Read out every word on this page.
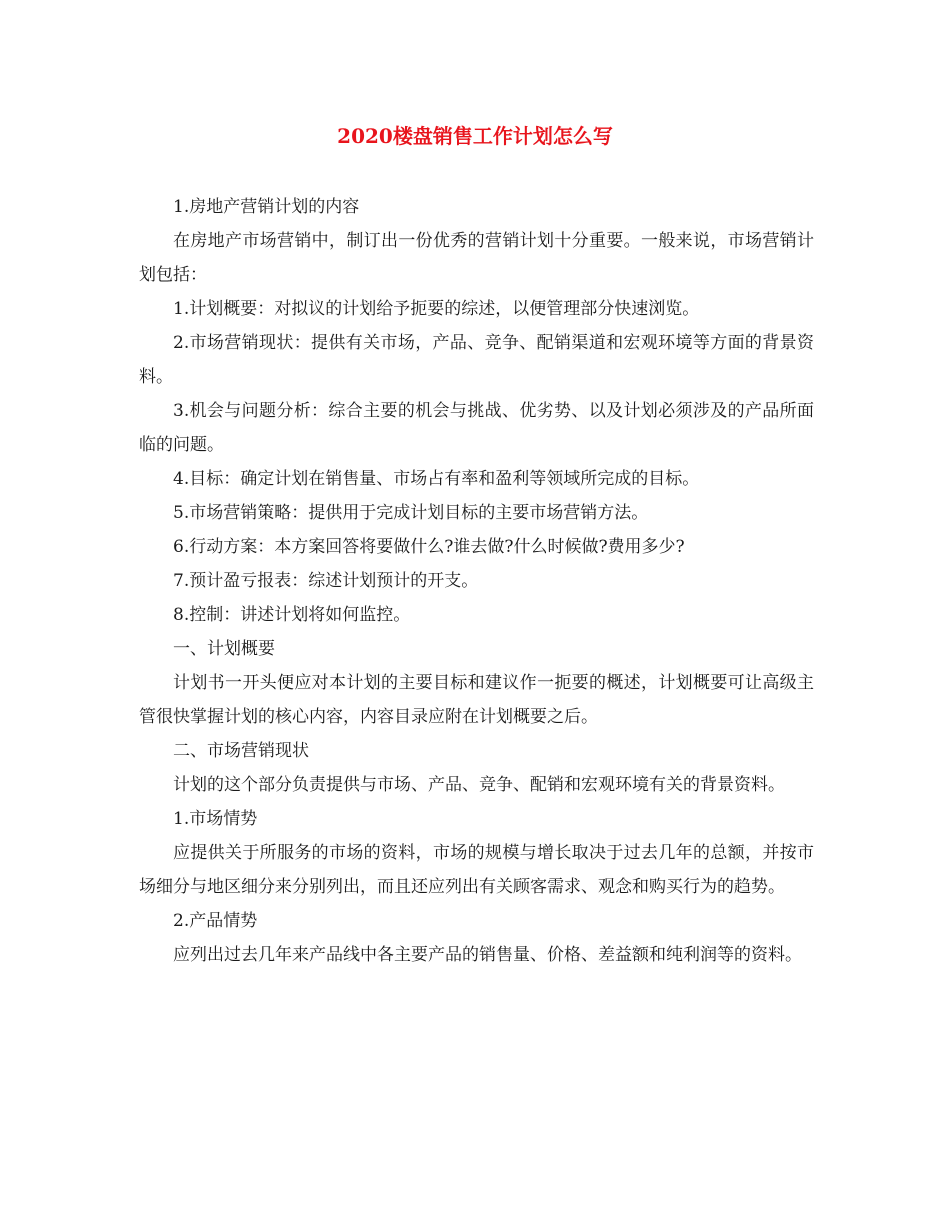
2020楼盘销售工作计划怎么写

1.房地产营销计划的内容

在房地产市场营销中，制订出一份优秀的营销计划十分重要。一般来说，市场营销计划包括：

1.计划概要：对拟议的计划给予扼要的综述，以便管理部分快速浏览。

2.市场营销现状：提供有关市场，产品、竞争、配销渠道和宏观环境等方面的背景资料。

3.机会与问题分析：综合主要的机会与挑战、优劣势、以及计划必须涉及的产品所面临的问题。

4.目标：确定计划在销售量、市场占有率和盈利等领域所完成的目标。

5.市场营销策略：提供用于完成计划目标的主要市场营销方法。

6.行动方案：本方案回答将要做什么?谁去做?什么时候做?费用多少?

7.预计盈亏报表：综述计划预计的开支。

8.控制：讲述计划将如何监控。

一、计划概要

计划书一开头便应对本计划的主要目标和建议作一扼要的概述，计划概要可让高级主管很快掌握计划的核心内容，内容目录应附在计划概要之后。

二、市场营销现状

计划的这个部分负责提供与市场、产品、竞争、配销和宏观环境有关的背景资料。

1.市场情势

应提供关于所服务的市场的资料，市场的规模与增长取决于过去几年的总额，并按市场细分与地区细分来分别列出，而且还应列出有关顾客需求、观念和购买行为的趋势。

2.产品情势

应列出过去几年来产品线中各主要产品的销售量、价格、差益额和纯利润等的资料。
